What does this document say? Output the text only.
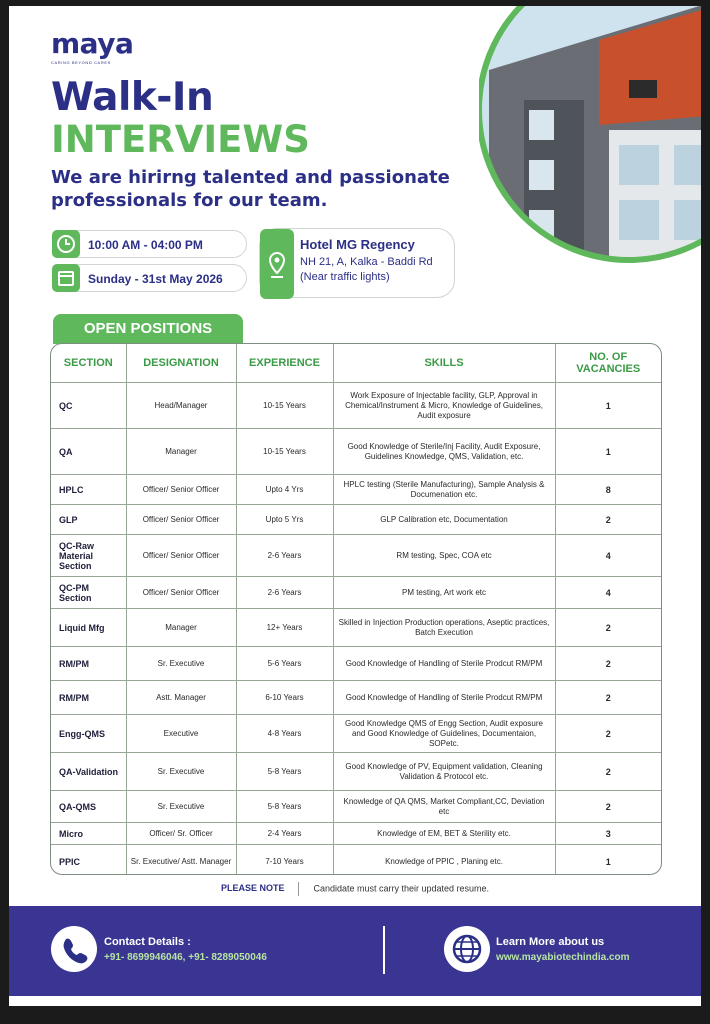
maya
CARING BEYOND CARES
Walk-In
INTERVIEWS
We are hirirng talented and passionate professionals for our team.
10:00 AM - 04:00 PM
Sunday - 31st May 2026
Hotel MG Regency
NH 21, A, Kalka - Baddi Rd (Near traffic lights)
OPEN POSITIONS
SECTION	DESIGNATION	EXPERIENCE	SKILLS	NO. OF VACANCIES
QC	Head/Manager	10-15 Years	Work Exposure of Injectable facility, GLP, Approval in Chemical/Instrument & Micro, Knowledge of Guidelines, Audit exposure	1
QA	Manager	10-15 Years	Good Knowledge of Sterile/Inj Facility, Audit Exposure, Guidelines Knowledge, QMS, Validation, etc.	1
HPLC	Officer/ Senior Officer	Upto 4 Yrs	HPLC testing (Sterile Manufacturing), Sample Analysis & Documenation etc.	8
GLP	Officer/ Senior Officer	Upto 5 Yrs	GLP Calibration etc, Documentation	2
QC-Raw Material Section	Officer/ Senior Officer	2-6 Years	RM testing, Spec, COA etc	4
QC-PM Section	Officer/ Senior Officer	2-6 Years	PM testing, Art work etc	4
Liquid Mfg	Manager	12+ Years	Skilled in Injection Production operations, Aseptic practices, Batch Execution	2
RM/PM	Sr. Executive	5-6 Years	Good Knowledge of Handling of Sterile Prodcut RM/PM	2
RM/PM	Astt. Manager	6-10 Years	Good Knowledge of Handling of Sterile Prodcut RM/PM	2
Engg-QMS	Executive	4-8 Years	Good Knowledge QMS of Engg Section, Audit exposure and Good Knowledge of Guidelines, Documentaion, SOPetc.	2
QA-Validation	Sr. Executive	5-8 Years	Good Knowledge of PV, Equipment validation, Cleaning Validation & Protocol etc.	2
QA-QMS	Sr. Executive	5-8 Years	Knowledge of QA QMS, Market Compliant,CC, Deviation etc	2
Micro	Officer/ Sr. Officer	2-4 Years	Knowledge of EM, BET & Sterility etc.	3
PPIC	Sr. Executive/ Astt. Manager	7-10 Years	Knowledge of PPIC , Planing etc.	1
PLEASE NOTE	Candidate must carry their updated resume.
Contact Details :
+91- 8699946046, +91- 8289050046
Learn More about us
www.mayabiotechindia.com
